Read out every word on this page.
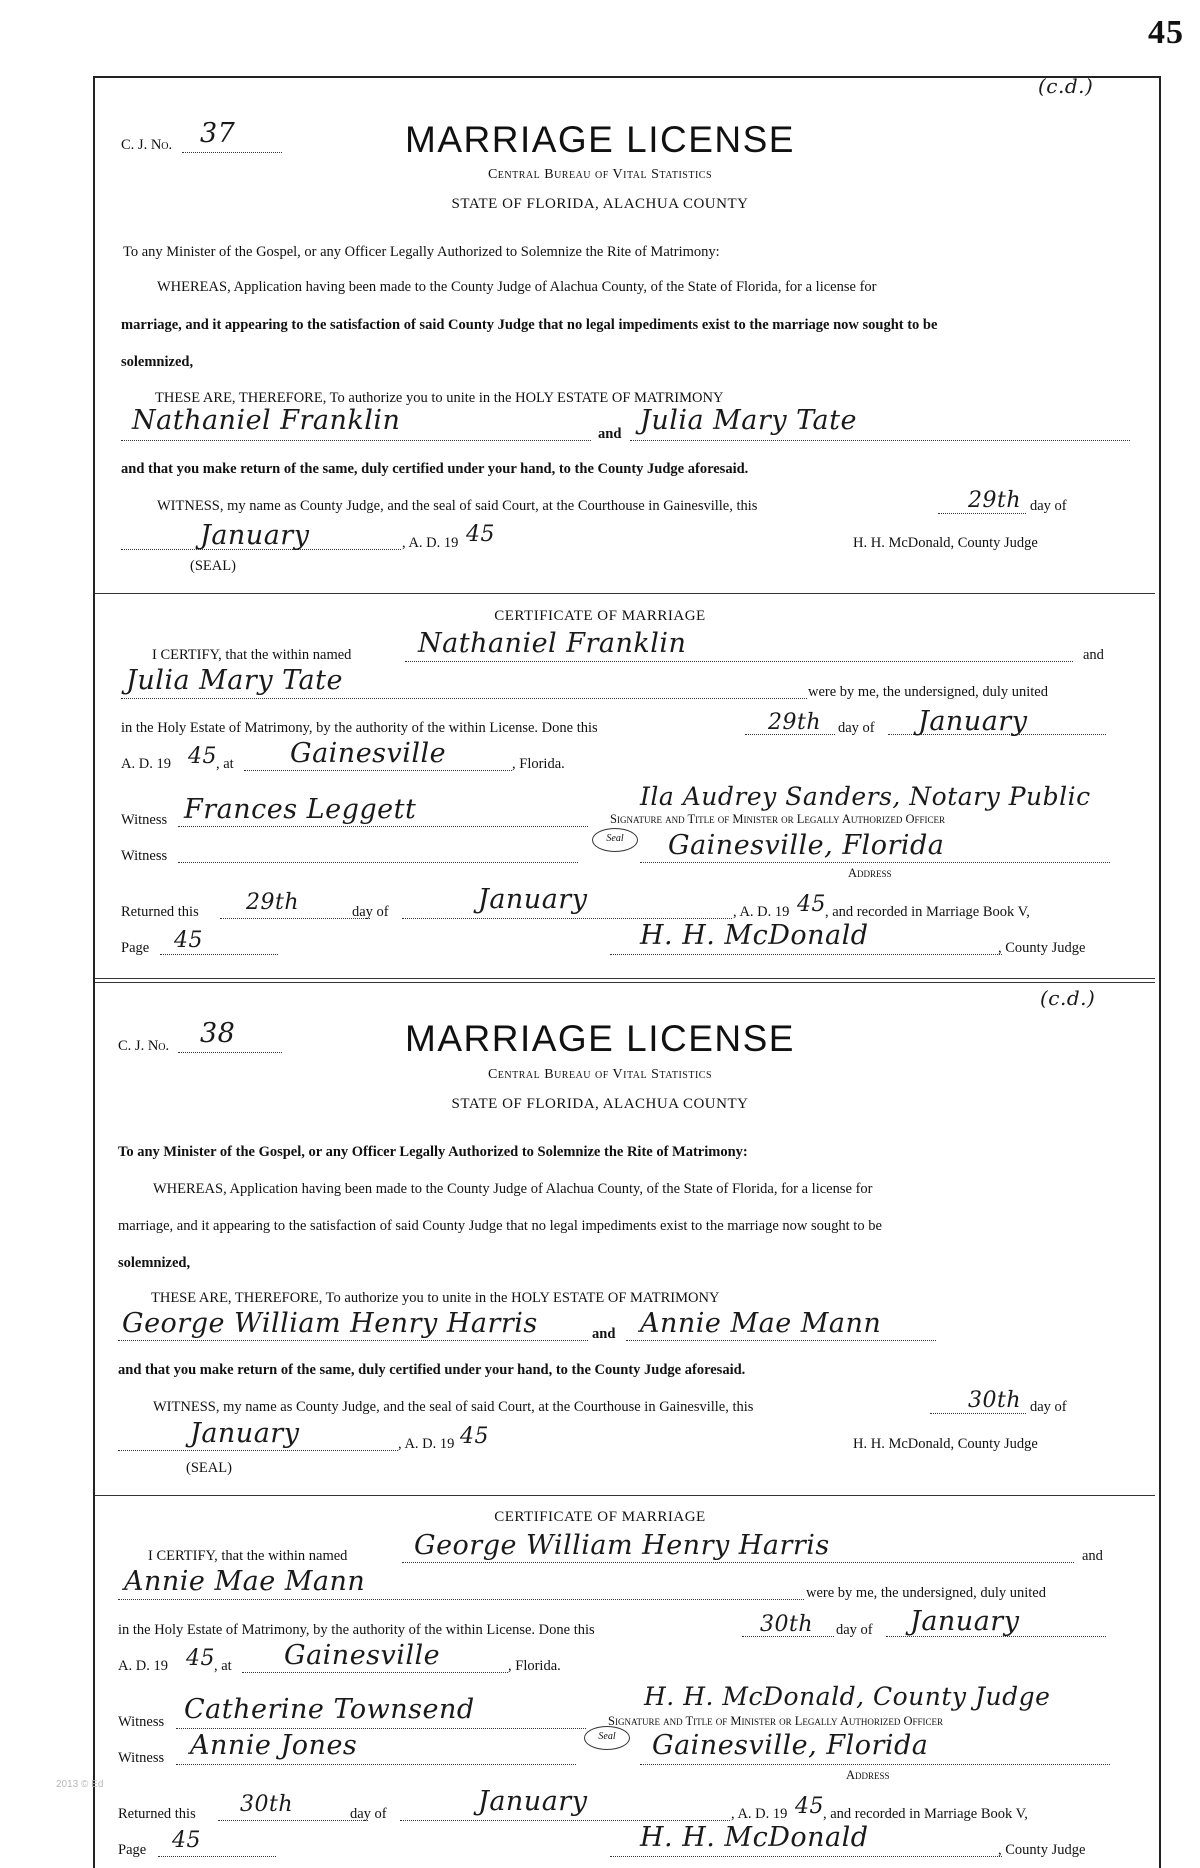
45
(c.d.)
C. J. No. 37	MARRIAGE LICENSE
Central Bureau of Vital Statistics
STATE OF FLORIDA, ALACHUA COUNTY
To any Minister of the Gospel, or any Officer Legally Authorized to Solemnize the Rite of Matrimony:
WHEREAS, Application having been made to the County Judge of Alachua County, of the State of Florida, for a license for
marriage, and it appearing to the satisfaction of said County Judge that no legal impediments exist to the marriage now sought to be
solemnized,
THESE ARE, THEREFORE, To authorize you to unite in the HOLY ESTATE OF MATRIMONY
Nathaniel Franklin	and Julia Mary Tate
and that you make return of the same, duly certified under your hand, to the County Judge aforesaid.
WITNESS, my name as County Judge, and the seal of said Court, at the Courthouse in Gainesville, this	29th day of
January	, A. D. 19 45	H. H. McDonald, County Judge
(SEAL)
CERTIFICATE OF MARRIAGE
I CERTIFY, that the within named Nathaniel Franklin	and
Julia Mary Tate	were by me, the undersigned, duly united
in the Holy Estate of Matrimony, by the authority of the within License. Done this	29th day of January
A. D. 19 45 , at Gainesville	, Florida.
Witness Frances Leggett	Ila Audrey Sanders, Notary Public
Signature and Title of Minister or Legally Authorized Officer
Witness
Seal	Gainesville, Florida
Address
Returned this 29th	day of	January	, A. D. 19 45 , and recorded in Marriage Book V,
Page 45	H. H. McDonald	, County Judge
(c.d.)
C. J. No. 38	MARRIAGE LICENSE
Central Bureau of Vital Statistics
STATE OF FLORIDA, ALACHUA COUNTY
To any Minister of the Gospel, or any Officer Legally Authorized to Solemnize the Rite of Matrimony:
WHEREAS, Application having been made to the County Judge of Alachua County, of the State of Florida, for a license for
marriage, and it appearing to the satisfaction of said County Judge that no legal impediments exist to the marriage now sought to be
solemnized,
THESE ARE, THEREFORE, To authorize you to unite in the HOLY ESTATE OF MATRIMONY
George William Henry Harris	and Annie Mae Mann
and that you make return of the same, duly certified under your hand, to the County Judge aforesaid.
WITNESS, my name as County Judge, and the seal of said Court, at the Courthouse in Gainesville, this	30th day of
January	, A. D. 19 45	H. H. McDonald, County Judge
(SEAL)
CERTIFICATE OF MARRIAGE
I CERTIFY, that the within named George William Henry Harris	and
Annie Mae Mann	were by me, the undersigned, duly united
in the Holy Estate of Matrimony, by the authority of the within License. Done this	30th day of January
A. D. 19 45 , at Gainesville	, Florida.
Witness Catherine Townsend	H. H. McDonald, County Judge
Signature and Title of Minister or Legally Authorized Officer
Witness Annie Jones	Seal	Gainesville, Florida
Address
Returned this 30th	day of	January	, A. D. 19 45 , and recorded in Marriage Book V,
Page 45	H. H. McDonald	, County Judge
2013 © Ed
